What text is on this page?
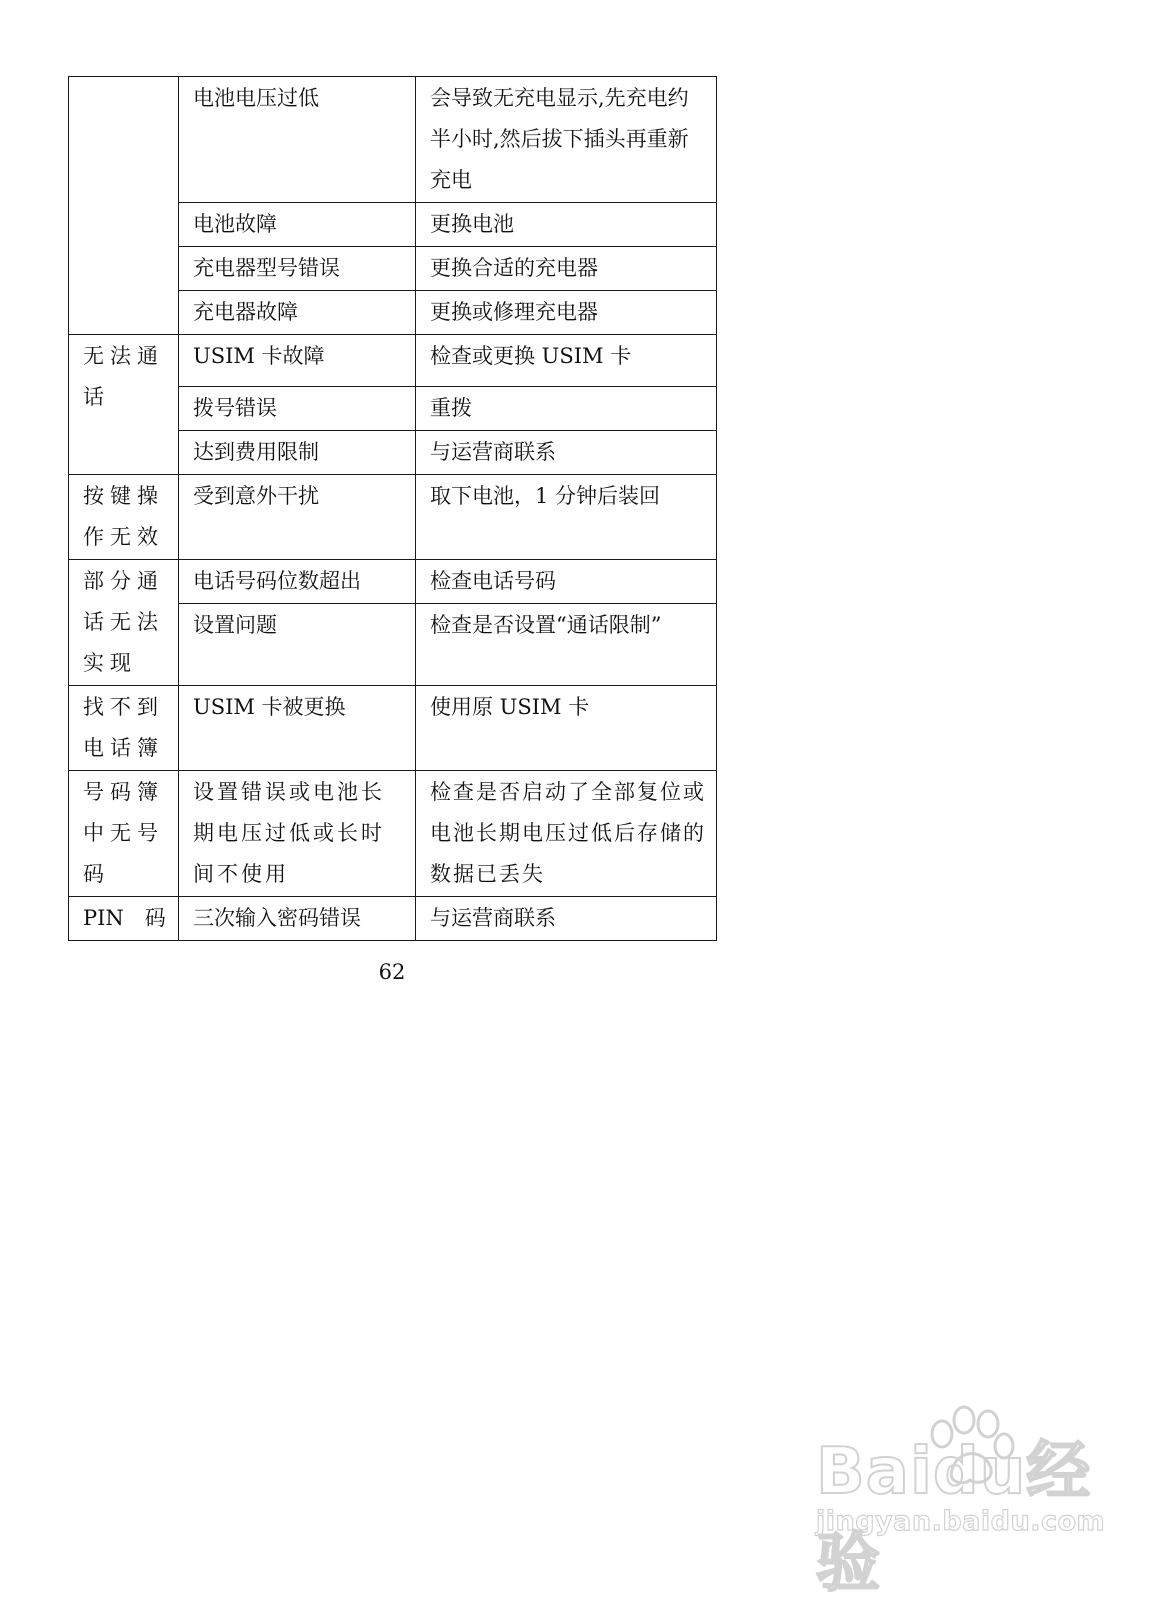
	电池电压过低	会导致无充电显示,先充电约半小时,然后拔下插头再重新充电
	电池故障	更换电池
	充电器型号错误	更换合适的充电器
	充电器故障	更换或修理充电器
无法通话	USIM 卡故障	检查或更换 USIM 卡
	拨号错误	重拨
	达到费用限制	与运营商联系
按键操作无效	受到意外干扰	取下电池，1 分钟后装回
部分通话无法实现	电话号码位数超出	检查电话号码
	设置问题	检查是否设置“通话限制”
找不到电话簿	USIM 卡被更换	使用原 USIM 卡
号码簿中无号码	设置错误或电池长期电压过低或长时间不使用	检查是否启动了全部复位或电池长期电压过低后存储的数据已丢失
PIN　码	三次输入密码错误	与运营商联系
62
Baidu经验
jingyan.baidu.com
